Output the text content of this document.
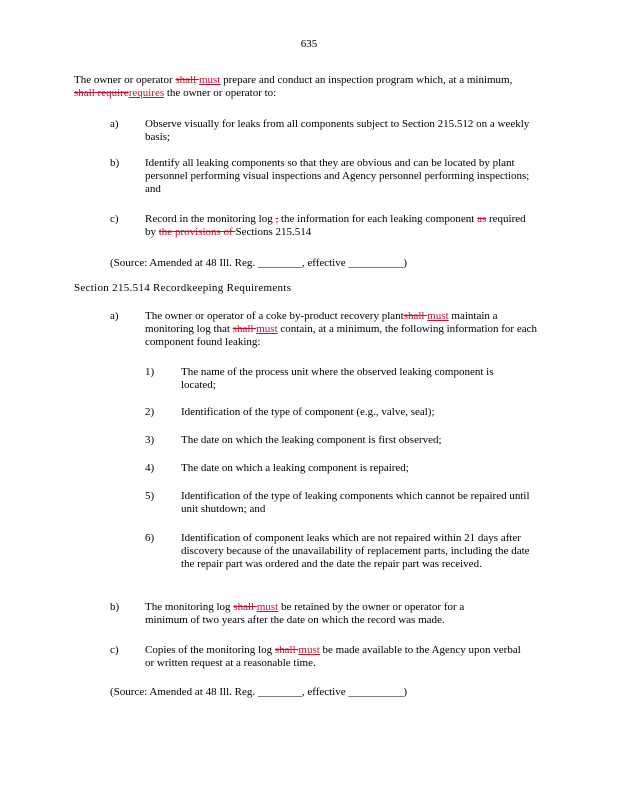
635
The owner or operator shall must prepare and conduct an inspection program which, at a minimum, shall requirerequires the owner or operator to:
a) Observe visually for leaks from all components subject to Section 215.512 on a weekly basis;
b) Identify all leaking components so that they are obvious and can be located by plant personnel performing visual inspections and Agency personnel performing inspections; and
c) Record in the monitoring log , the information for each leaking component as required by the provisions of Sections 215.514
(Source: Amended at 48 Ill. Reg. ________, effective __________)
Section 215.514 Recordkeeping Requirements
a) The owner or operator of a coke by-product recovery plantshall must maintain a monitoring log that shall must contain, at a minimum, the following information for each component found leaking:
1) The name of the process unit where the observed leaking component is located;
2) Identification of the type of component (e.g., valve, seal);
3) The date on which the leaking component is first observed;
4) The date on which a leaking component is repaired;
5) Identification of the type of leaking components which cannot be repaired until unit shutdown; and
6) Identification of component leaks which are not repaired within 21 days after discovery because of the unavailability of replacement parts, including the date the repair part was ordered and the date the repair part was received.
b) The monitoring log shall must be retained by the owner or operator for a minimum of two years after the date on which the record was made.
c) Copies of the monitoring log shall must be made available to the Agency upon verbal or written request at a reasonable time.
(Source: Amended at 48 Ill. Reg. ________, effective __________)
